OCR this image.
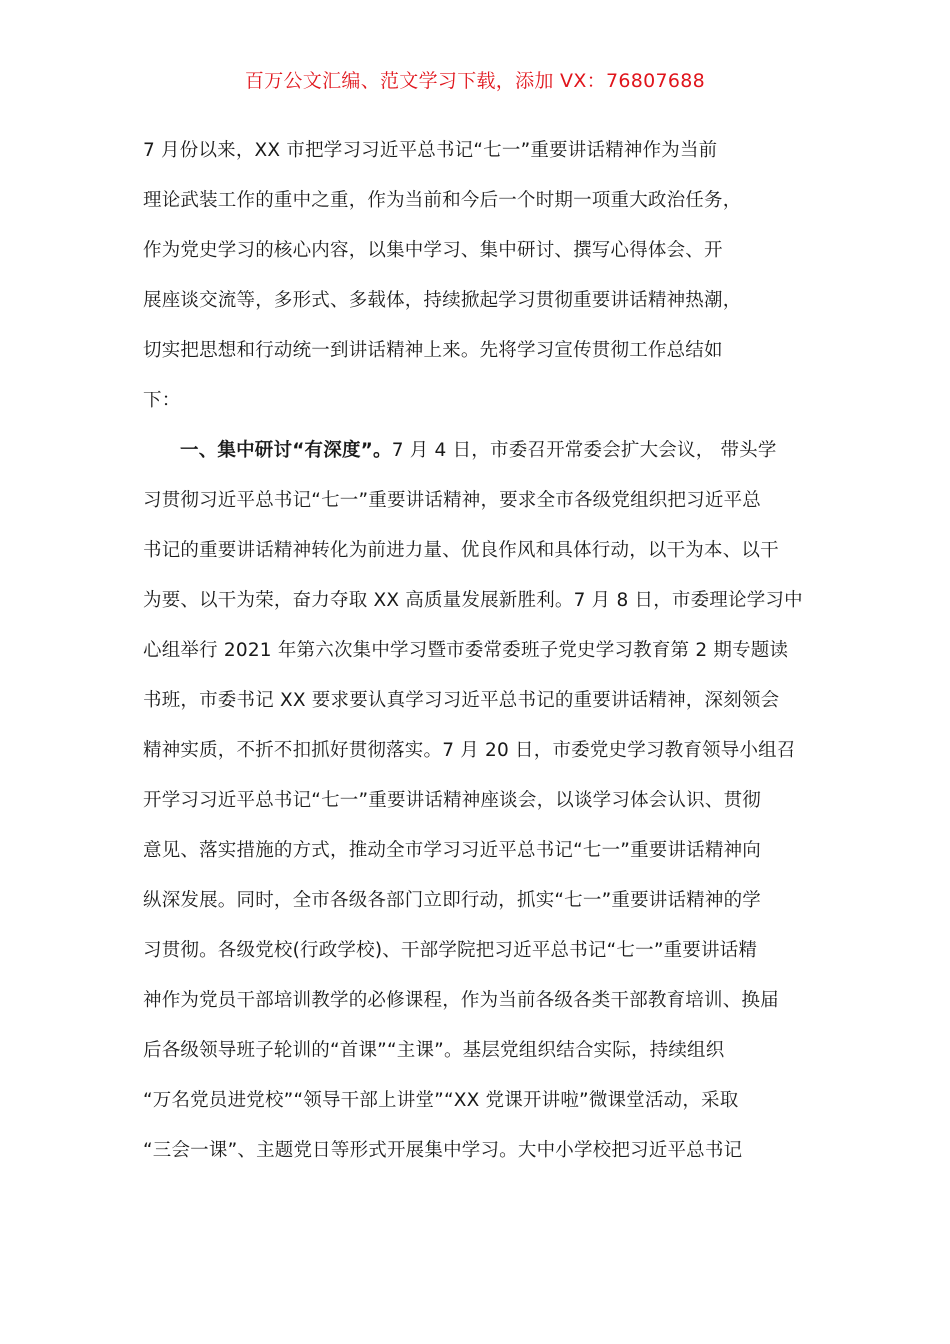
百万公文汇编、范文学习下载，添加 VX：76807688
7 月份以来，XX 市把学习习近平总书记“七一”重要讲话精神作为当前
理论武装工作的重中之重，作为当前和今后一个时期一项重大政治任务，
作为党史学习的核心内容，以集中学习、集中研讨、撰写心得体会、开
展座谈交流等，多形式、多载体，持续掀起学习贯彻重要讲话精神热潮，
切实把思想和行动统一到讲话精神上来。先将学习宣传贯彻工作总结如
下：
一、集中研讨“有深度”。7 月 4 日，市委召开常委会扩大会议， 带头学
习贯彻习近平总书记“七一”重要讲话精神，要求全市各级党组织把习近平总
书记的重要讲话精神转化为前进力量、优良作风和具体行动，以干为本、以干
为要、以干为荣，奋力夺取 XX 高质量发展新胜利。7 月 8 日，市委理论学习中
心组举行 2021 年第六次集中学习暨市委常委班子党史学习教育第 2 期专题读
书班，市委书记 XX 要求要认真学习习近平总书记的重要讲话精神，深刻领会
精神实质，不折不扣抓好贯彻落实。7 月 20 日，市委党史学习教育领导小组召
开学习习近平总书记“七一”重要讲话精神座谈会，以谈学习体会认识、贯彻
意见、落实措施的方式，推动全市学习习近平总书记“七一”重要讲话精神向
纵深发展。同时，全市各级各部门立即行动，抓实“七一”重要讲话精神的学
习贯彻。各级党校(行政学校)、干部学院把习近平总书记“七一”重要讲话精
神作为党员干部培训教学的必修课程，作为当前各级各类干部教育培训、换届
后各级领导班子轮训的“首课”“主课”。基层党组织结合实际，持续组织
“万名党员进党校”“领导干部上讲堂”“XX 党课开讲啦”微课堂活动，采取
“三会一课”、主题党日等形式开展集中学习。大中小学校把习近平总书记
